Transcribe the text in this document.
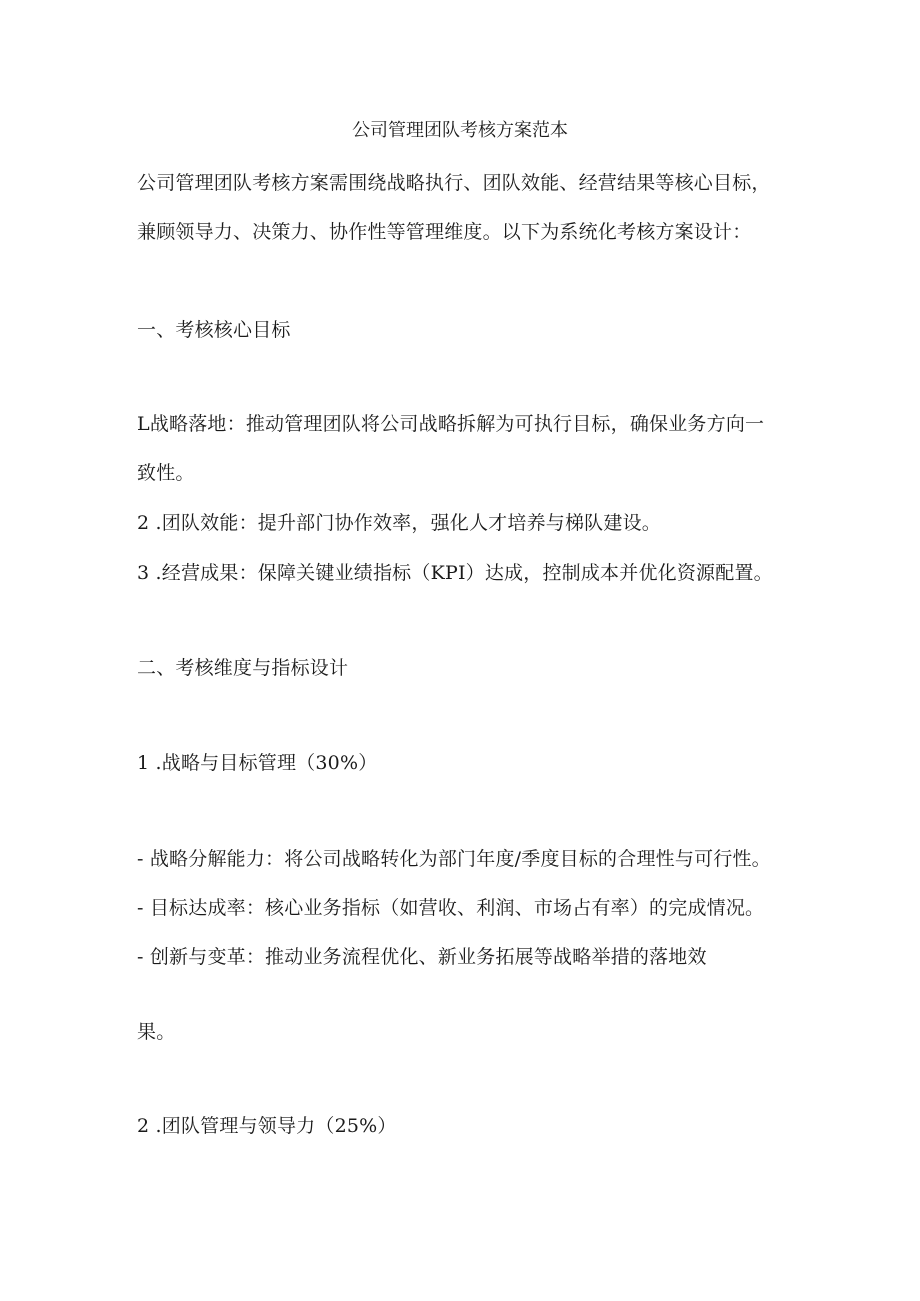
公司管理团队考核方案范本
公司管理团队考核方案需围绕战略执行、团队效能、经营结果等核心目标，
兼顾领导力、决策力、协作性等管理维度。以下为系统化考核方案设计：
一、考核核心目标
L战略落地：推动管理团队将公司战略拆解为可执行目标，确保业务方向一
致性。
2 .团队效能：提升部门协作效率，强化人才培养与梯队建设。
3 .经营成果：保障关键业绩指标（KPI）达成，控制成本并优化资源配置。
二、考核维度与指标设计
1 .战略与目标管理（30%）
- 战略分解能力：将公司战略转化为部门年度/季度目标的合理性与可行性。
- 目标达成率：核心业务指标（如营收、利润、市场占有率）的完成情况。
- 创新与变革：推动业务流程优化、新业务拓展等战略举措的落地效
果。
2 .团队管理与领导力（25%）
